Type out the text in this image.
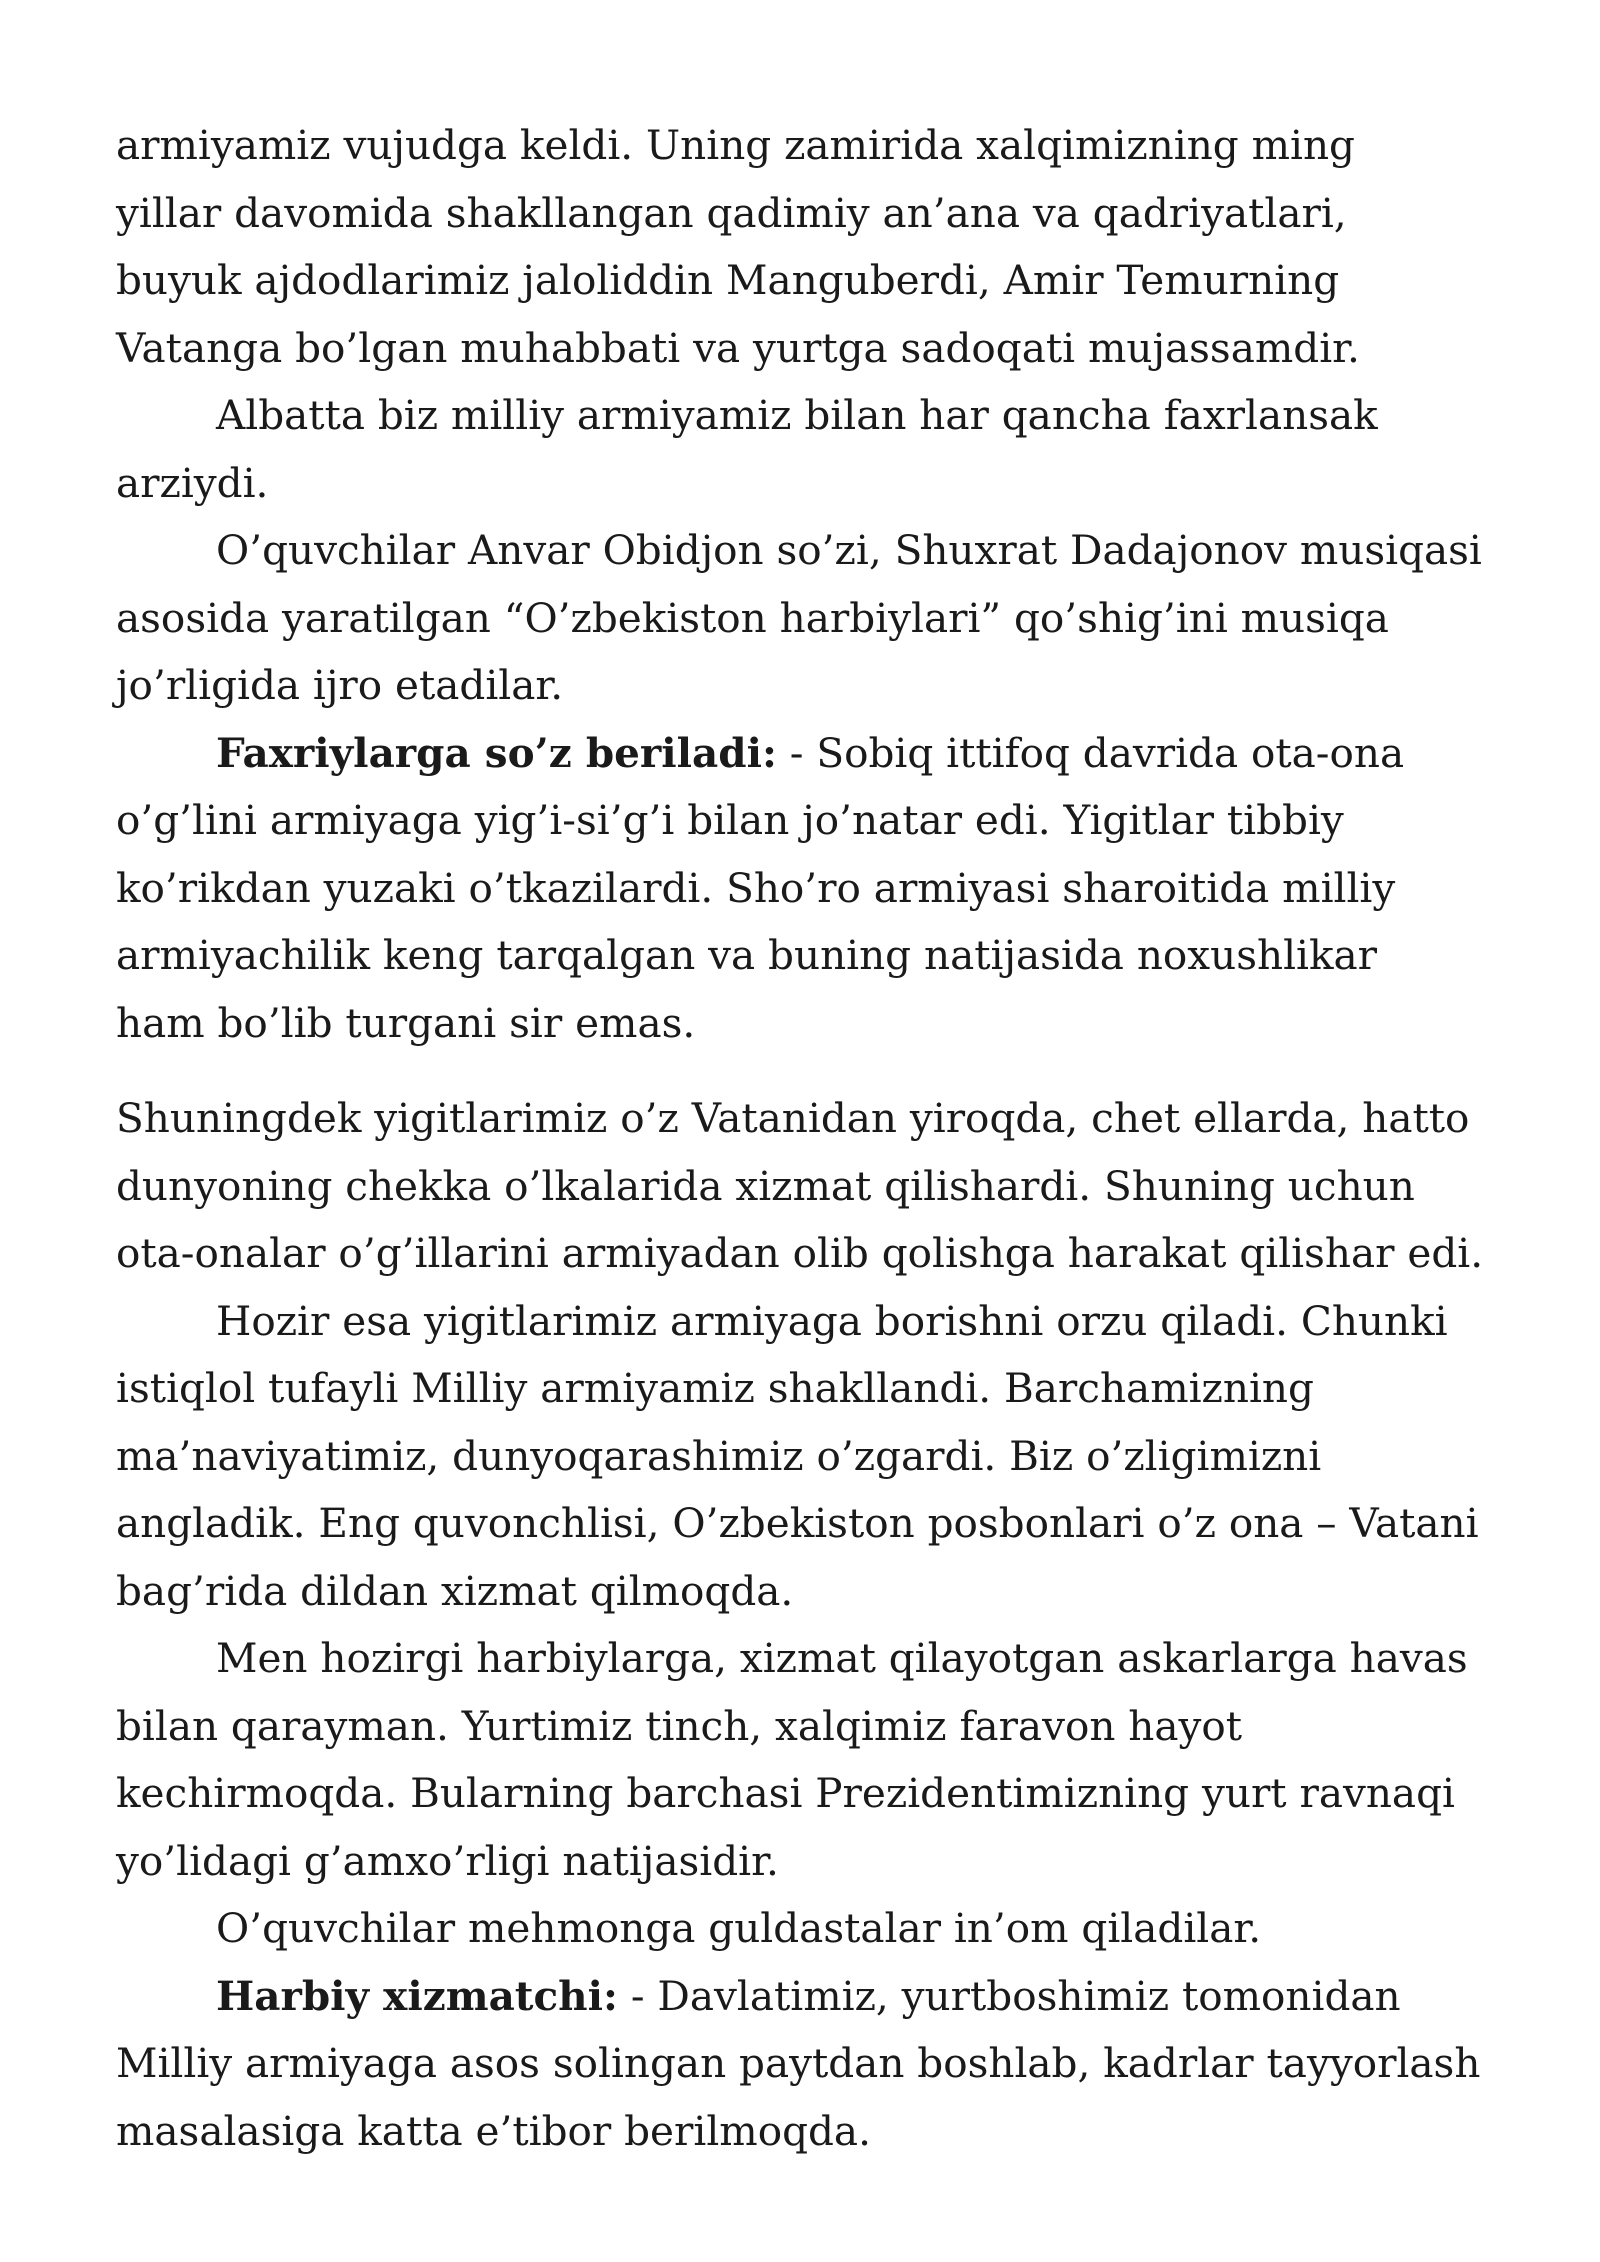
armiyamiz vujudga keldi. Uning zamirida xalqimizning ming
yillar davomida shakllangan qadimiy an’ana va qadriyatlari,
buyuk ajdodlarimiz jaloliddin Manguberdi, Amir Temurning
Vatanga bo’lgan muhabbati va yurtga sadoqati mujassamdir.
Albatta biz milliy armiyamiz bilan har qancha faxrlansak
arziydi.
O’quvchilar Anvar Obidjon so’zi, Shuxrat Dadajonov musiqasi
asosida yaratilgan “O’zbekiston harbiylari” qo’shig’ini musiqa
jo’rligida ijro etadilar.
Faxriylarga so’z beriladi: - Sobiq ittifoq davrida ota-ona
o’g’lini armiyaga yig’i-si’g’i bilan jo’natar edi. Yigitlar tibbiy
ko’rikdan yuzaki o’tkazilardi. Sho’ro armiyasi sharoitida milliy
armiyachilik keng tarqalgan va buning natijasida noxushlikar
ham bo’lib turgani sir emas.
Shuningdek yigitlarimiz o’z Vatanidan yiroqda, chet ellarda, hatto
dunyoning chekka o’lkalarida xizmat qilishardi. Shuning uchun
ota-onalar o’g’illarini armiyadan olib qolishga harakat qilishar edi.
Hozir esa yigitlarimiz armiyaga borishni orzu qiladi. Chunki
istiqlol tufayli Milliy armiyamiz shakllandi. Barchamizning
ma’naviyatimiz, dunyoqarashimiz o’zgardi. Biz o’zligimizni
angladik. Eng quvonchlisi, O’zbekiston posbonlari o’z ona – Vatani
bag’rida dildan xizmat qilmoqda.
Men hozirgi harbiylarga, xizmat qilayotgan askarlarga havas
bilan qarayman. Yurtimiz tinch, xalqimiz faravon hayot
kechirmoqda. Bularning barchasi Prezidentimizning yurt ravnaqi
yo’lidagi g’amxo’rligi natijasidir.
O’quvchilar mehmonga guldastalar in’om qiladilar.
Harbiy xizmatchi: - Davlatimiz, yurtboshimiz tomonidan
Milliy armiyaga asos solingan paytdan boshlab, kadrlar tayyorlash
masalasiga katta e’tibor berilmoqda.
